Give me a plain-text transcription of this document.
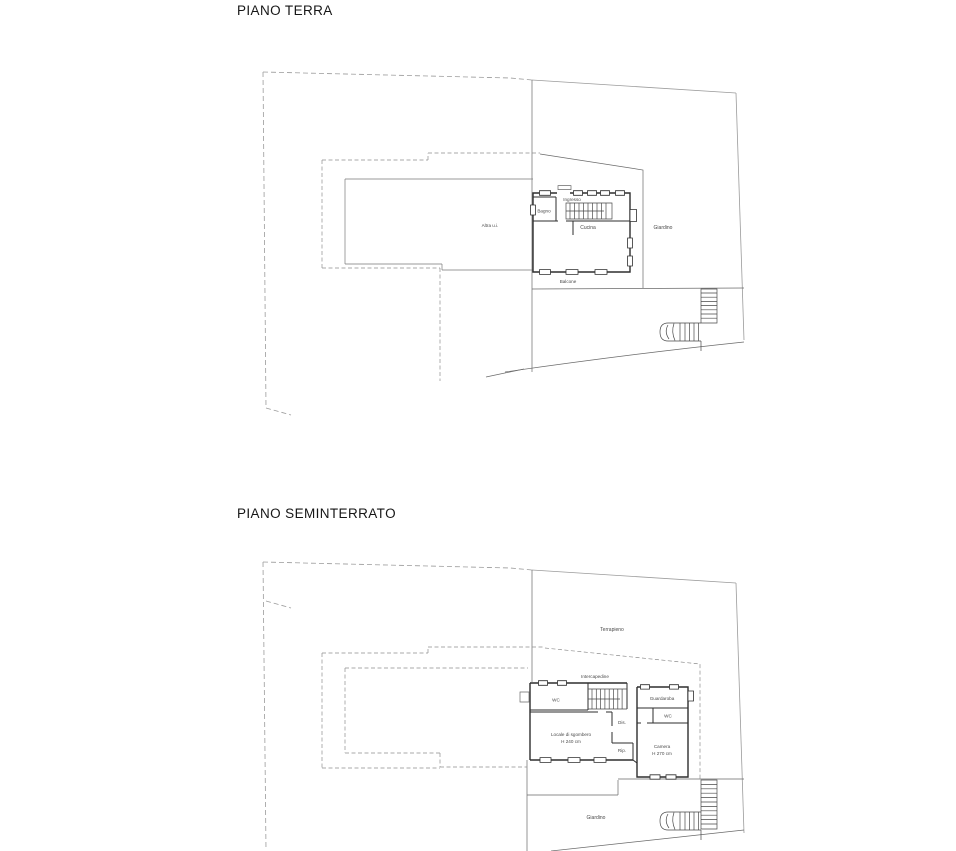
PIANO TERRA
PIANO SEMINTERRATO
Altra u.i.
Bagno
Ingresso
Cucina
Balcone
Giardino
Terrapieno
Intercapedine
WC	Guardaroba
WC
Dis.
Locale di sgombero
H 240 cm
Rip.
Camera
H 270 cm
Giardino
